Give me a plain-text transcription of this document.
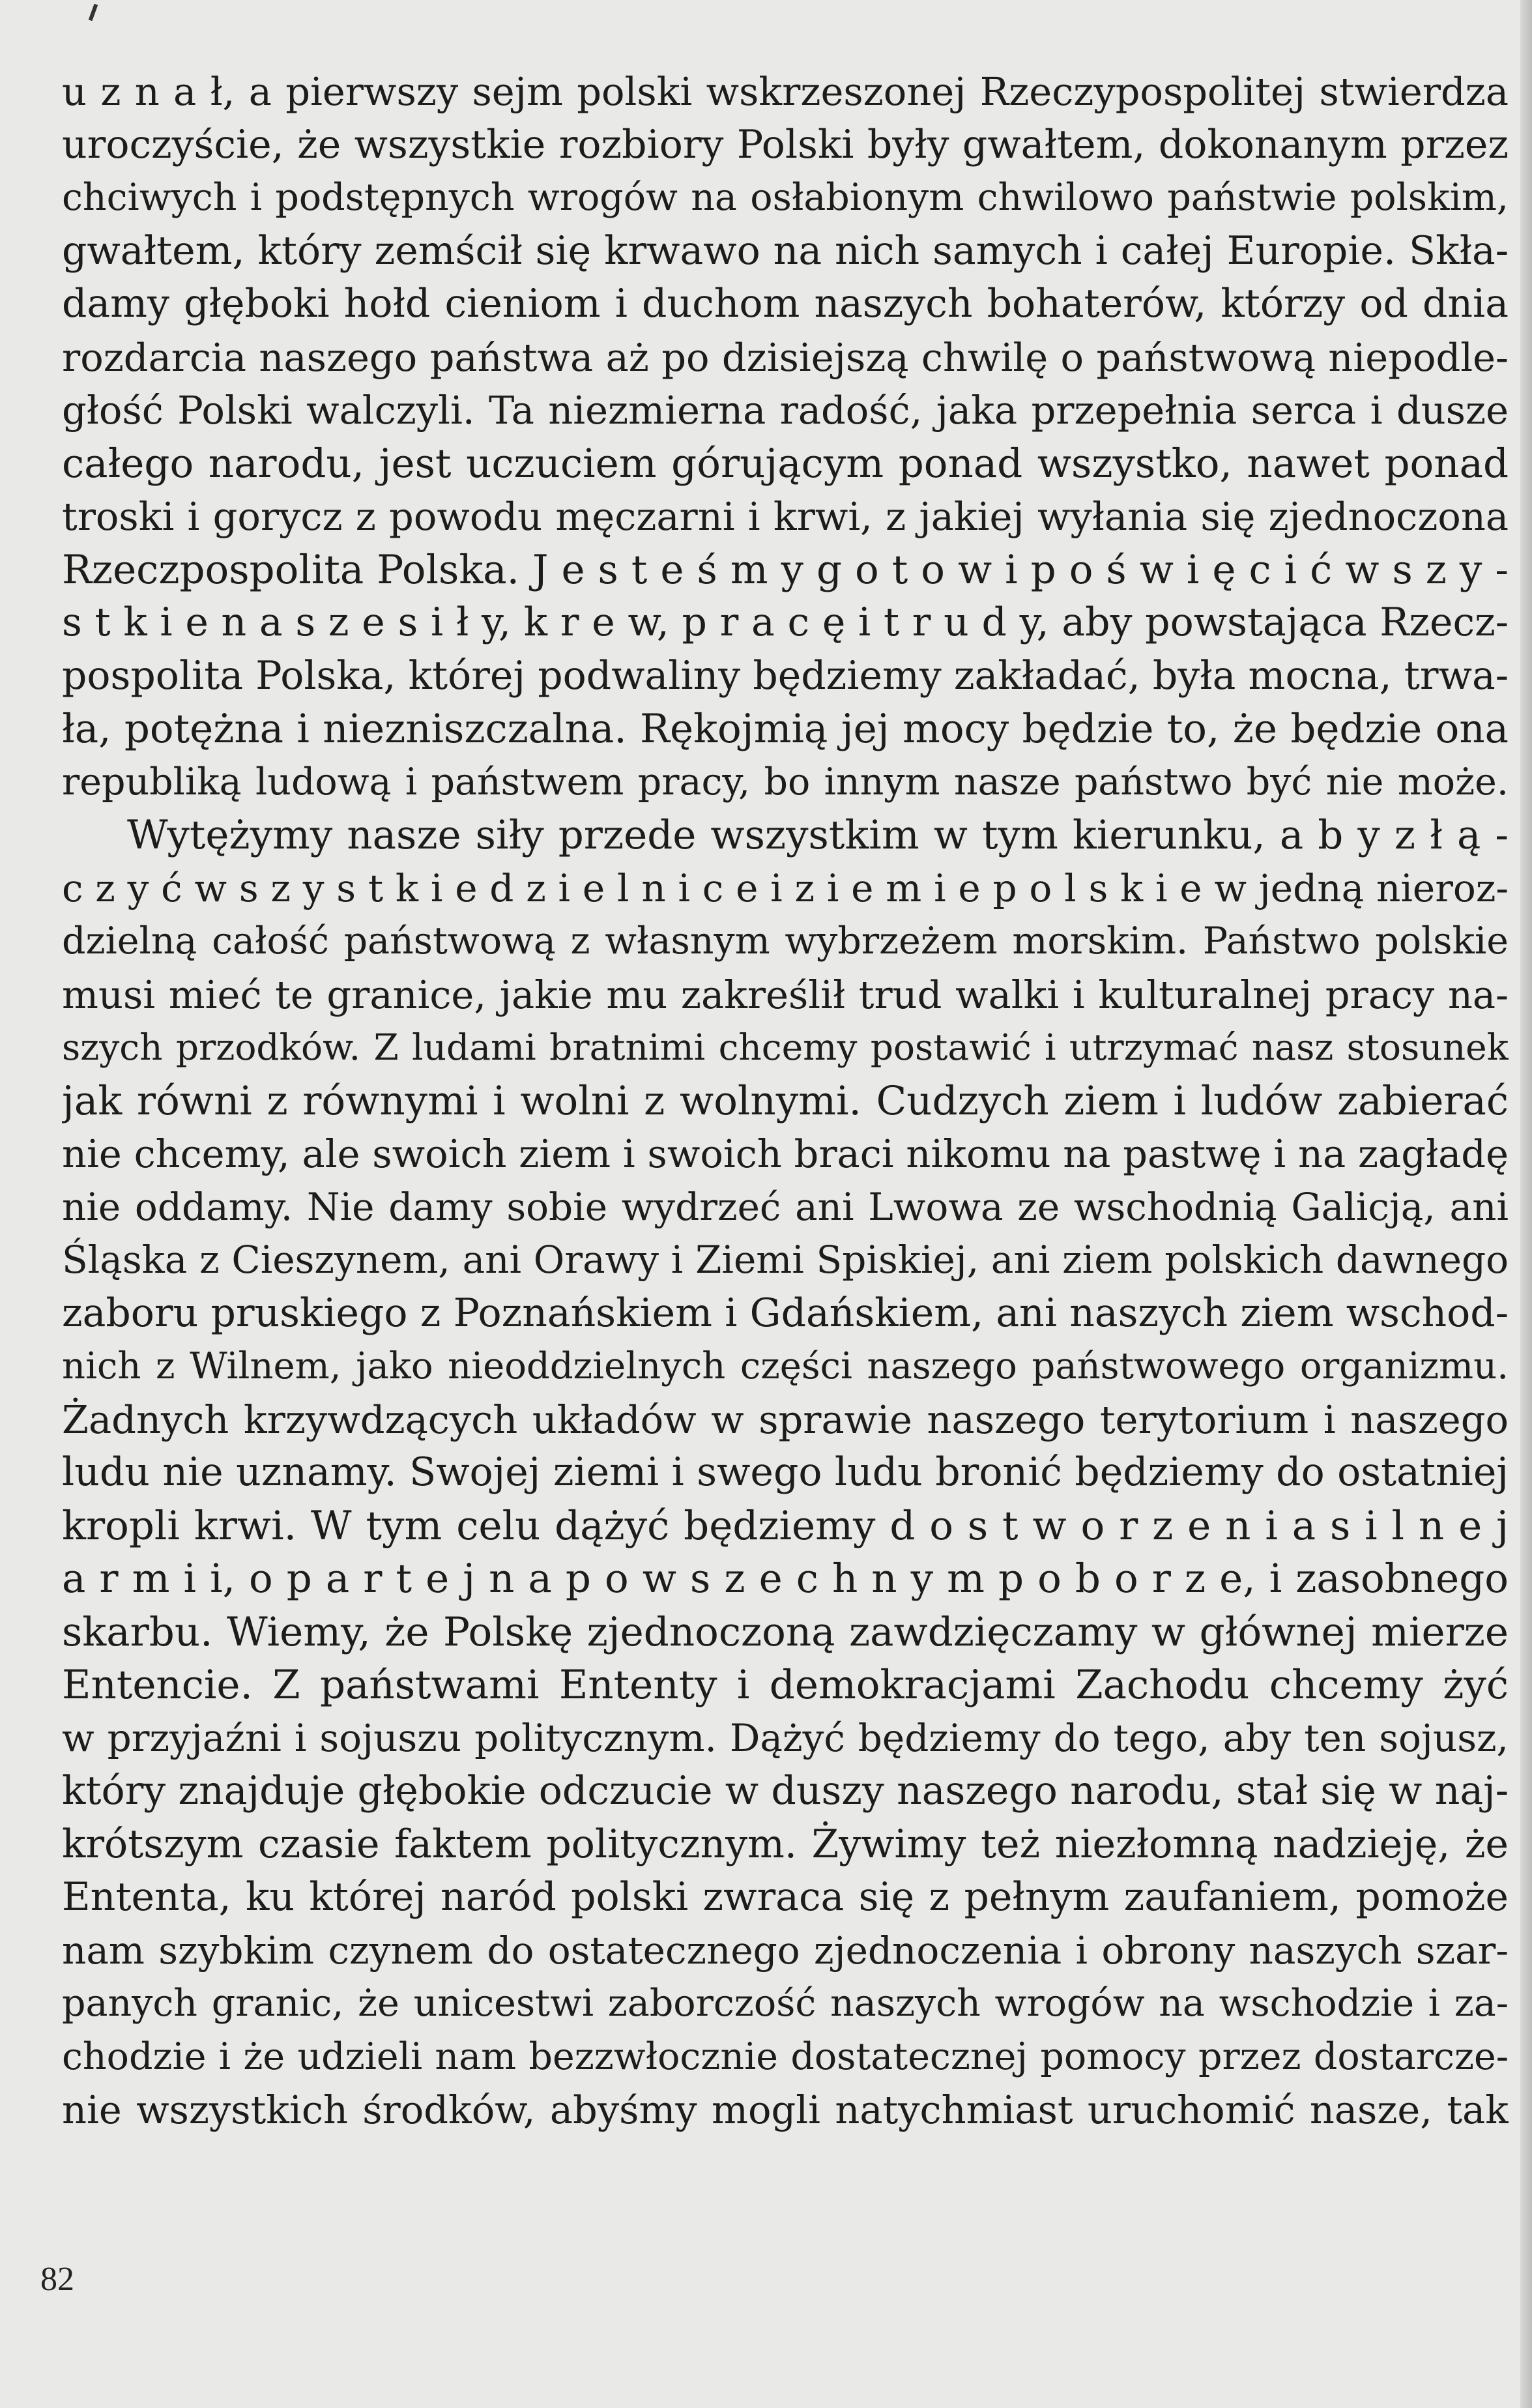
u z n a ł, a pierwszy sejm polski wskrzeszonej Rzeczypospolitej stwierdza
uroczyście, że wszystkie rozbiory Polski były gwałtem, dokonanym przez
chciwych i podstępnych wrogów na osłabionym chwilowo państwie polskim,
gwałtem, który zemścił się krwawo na nich samych i całej Europie. Skła-
damy głęboki hołd cieniom i duchom naszych bohaterów, którzy od dnia
rozdarcia naszego państwa aż po dzisiejszą chwilę o państwową niepodle-
głość Polski walczyli. Ta niezmierna radość, jaka przepełnia serca i dusze
całego narodu, jest uczuciem górującym ponad wszystko, nawet ponad
troski i gorycz z powodu męczarni i krwi, z jakiej wyłania się zjednoczona
Rzeczpospolita Polska. J e s t e ś m y g o t o w i p o ś w i ę c i ć w s z y -
s t k i e n a s z e s i ł y, k r e w, p r a c ę i t r u d y, aby powstająca Rzecz-
pospolita Polska, której podwaliny będziemy zakładać, była mocna, trwa-
ła, potężna i niezniszczalna. Rękojmią jej mocy będzie to, że będzie ona
republiką ludową i państwem pracy, bo innym nasze państwo być nie może.
Wytężymy nasze siły przede wszystkim w tym kierunku, a b y z ł ą -
c z y ć w s z y s t k i e d z i e l n i c e i z i e m i e p o l s k i e w jedną nieroz-
dzielną całość państwową z własnym wybrzeżem morskim. Państwo polskie
musi mieć te granice, jakie mu zakreślił trud walki i kulturalnej pracy na-
szych przodków. Z ludami bratnimi chcemy postawić i utrzymać nasz stosunek
jak równi z równymi i wolni z wolnymi. Cudzych ziem i ludów zabierać
nie chcemy, ale swoich ziem i swoich braci nikomu na pastwę i na zagładę
nie oddamy. Nie damy sobie wydrzeć ani Lwowa ze wschodnią Galicją, ani
Śląska z Cieszynem, ani Orawy i Ziemi Spiskiej, ani ziem polskich dawnego
zaboru pruskiego z Poznańskiem i Gdańskiem, ani naszych ziem wschod-
nich z Wilnem, jako nieoddzielnych części naszego państwowego organizmu.
Żadnych krzywdzących układów w sprawie naszego terytorium i naszego
ludu nie uznamy. Swojej ziemi i swego ludu bronić będziemy do ostatniej
kropli krwi. W tym celu dążyć będziemy d o s t w o r z e n i a s i l n e j
a r m i i, o p a r t e j n a p o w s z e c h n y m p o b o r z e, i zasobnego
skarbu. Wiemy, że Polskę zjednoczoną zawdzięczamy w głównej mierze
Entencie. Z państwami Ententy i demokracjami Zachodu chcemy żyć
w przyjaźni i sojuszu politycznym. Dążyć będziemy do tego, aby ten sojusz,
który znajduje głębokie odczucie w duszy naszego narodu, stał się w naj-
krótszym czasie faktem politycznym. Żywimy też niezłomną nadzieję, że
Ententa, ku której naród polski zwraca się z pełnym zaufaniem, pomoże
nam szybkim czynem do ostatecznego zjednoczenia i obrony naszych szar-
panych granic, że unicestwi zaborczość naszych wrogów na wschodzie i za-
chodzie i że udzieli nam bezzwłocznie dostatecznej pomocy przez dostarcze-
nie wszystkich środków, abyśmy mogli natychmiast uruchomić nasze, tak
82
